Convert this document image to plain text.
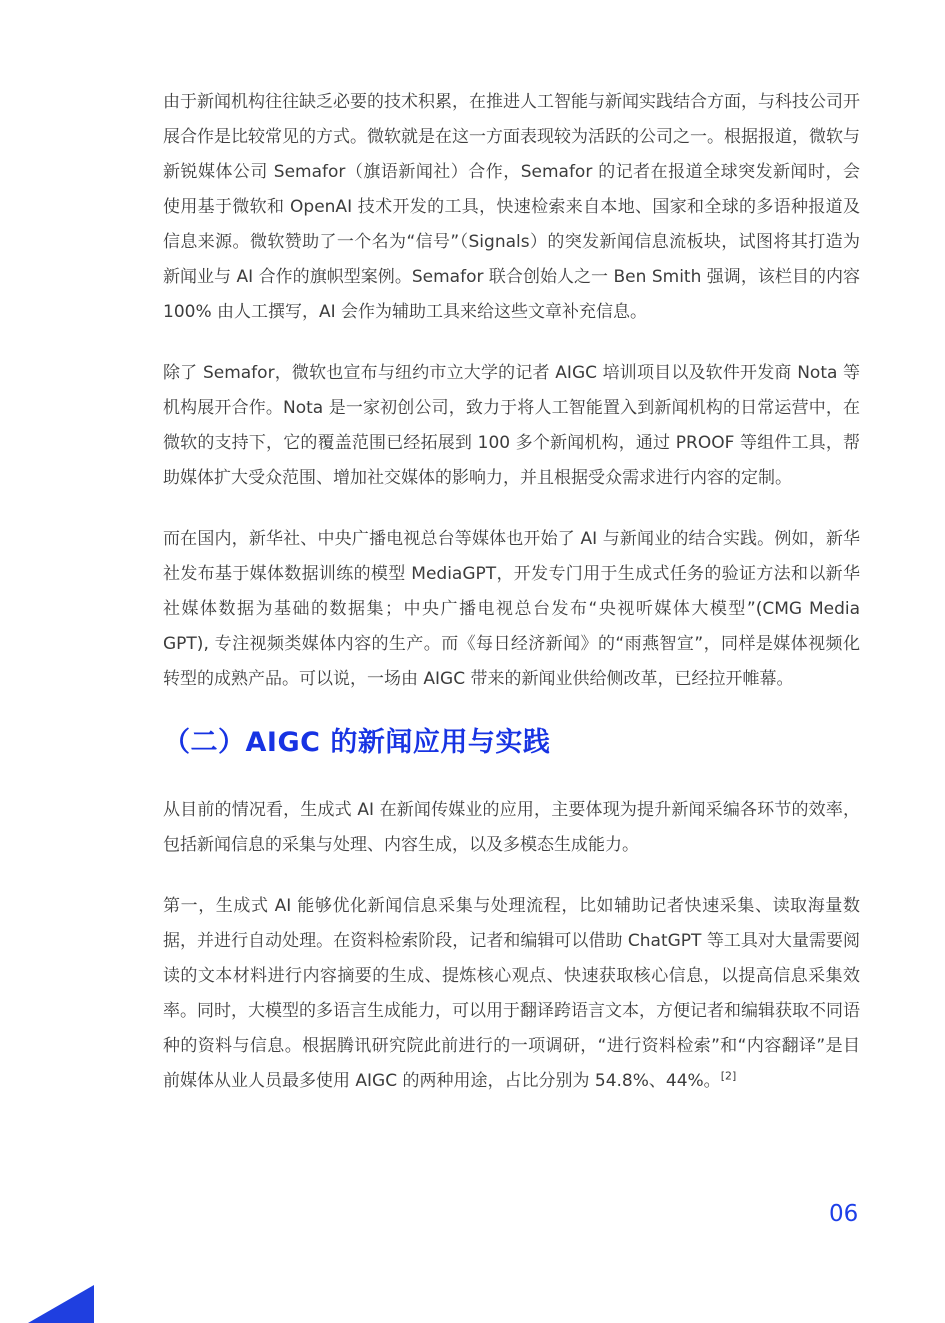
由于新闻机构往往缺乏必要的技术积累，在推进人工智能与新闻实践结合方面，与科技公司开展合作是比较常见的方式。微软就是在这一方面表现较为活跃的公司之一。根据报道，微软与新锐媒体公司 Semafor（旗语新闻社）合作，Semafor 的记者在报道全球突发新闻时，会使用基于微软和 OpenAI 技术开发的工具，快速检索来自本地、国家和全球的多语种报道及信息来源。微软赞助了一个名为“信号”（Signals）的突发新闻信息流板块，试图将其打造为新闻业与 AI 合作的旗帜型案例。Semafor 联合创始人之一 Ben Smith 强调，该栏目的内容 100% 由人工撰写，AI 会作为辅助工具来给这些文章补充信息。

除了 Semafor，微软也宣布与纽约市立大学的记者 AIGC 培训项目以及软件开发商 Nota 等机构展开合作。Nota 是一家初创公司，致力于将人工智能置入到新闻机构的日常运营中，在微软的支持下，它的覆盖范围已经拓展到 100 多个新闻机构，通过 PROOF 等组件工具，帮助媒体扩大受众范围、增加社交媒体的影响力，并且根据受众需求进行内容的定制。

而在国内，新华社、中央广播电视总台等媒体也开始了 AI 与新闻业的结合实践。例如，新华社发布基于媒体数据训练的模型 MediaGPT，开发专门用于生成式任务的验证方法和以新华社媒体数据为基础的数据集；中央广播电视总台发布“央视听媒体大模型”(CMG Media GPT), 专注视频类媒体内容的生产。而《每日经济新闻》的“雨燕智宣”，同样是媒体视频化转型的成熟产品。可以说，一场由 AIGC 带来的新闻业供给侧改革，已经拉开帷幕。

（二）AIGC 的新闻应用与实践

从目前的情况看，生成式 AI 在新闻传媒业的应用，主要体现为提升新闻采编各环节的效率，包括新闻信息的采集与处理、内容生成，以及多模态生成能力。

第一，生成式 AI 能够优化新闻信息采集与处理流程，比如辅助记者快速采集、读取海量数据，并进行自动处理。在资料检索阶段，记者和编辑可以借助 ChatGPT 等工具对大量需要阅读的文本材料进行内容摘要的生成、提炼核心观点、快速获取核心信息，以提高信息采集效率。同时，大模型的多语言生成能力，可以用于翻译跨语言文本，方便记者和编辑获取不同语种的资料与信息。根据腾讯研究院此前进行的一项调研，“进行资料检索”和“内容翻译”是目前媒体从业人员最多使用 AIGC 的两种用途，占比分别为 54.8%、44%。[2]

06
